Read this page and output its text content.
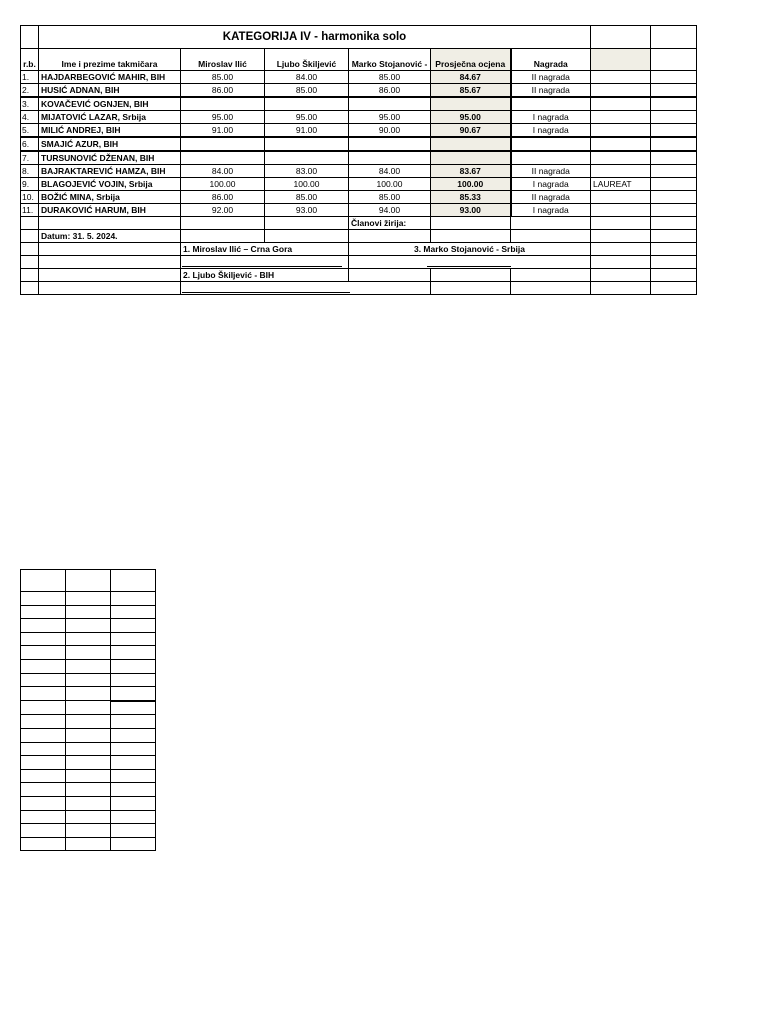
	KATEGORIJA IV - harmonika solo							
r.b.	Ime i prezime takmičara	Miroslav Ilić	Ljubo Škiljević	Marko Stojanović -	Prosječna ocjena	Nagrada		
1.	HAJDARBEGOVIĆ MAHIR, BIH	85.00	84.00	85.00	84.67	II nagrada		
2.	HUSIĆ ADNAN, BIH	86.00	85.00	86.00	85.67	II nagrada		
3.	KOVAČEVIĆ OGNJEN, BIH							
4.	MIJATOVIĆ LAZAR, Srbija	95.00	95.00	95.00	95.00	I nagrada		
5.	MILIĆ ANDREJ, BIH	91.00	91.00	90.00	90.67	I nagrada		
6.	SMAJIĆ AZUR, BIH							
7.	TURSUNOVIĆ DŽENAN, BIH							
8.	BAJRAKTAREVIĆ HAMZA, BIH	84.00	83.00	84.00	83.67	II nagrada		
9.	BLAGOJEVIĆ VOJIN, Srbija	100.00	100.00	100.00	100.00	I nagrada	LAUREAT	
10.	BOŽIĆ MINA, Srbija	86.00	85.00	85.00	85.33	II nagrada		
11.	DURAKOVIĆ HARUM, BIH	92.00	93.00	94.00	93.00	I nagrada		
				Članovi žirija:				
	Datum: 31. 5. 2024.							
		1. Miroslav Ilić – Crna Gora		3. Marko Stojanović - Srbija				

		2. Ljubo Škiljević - BIH						
